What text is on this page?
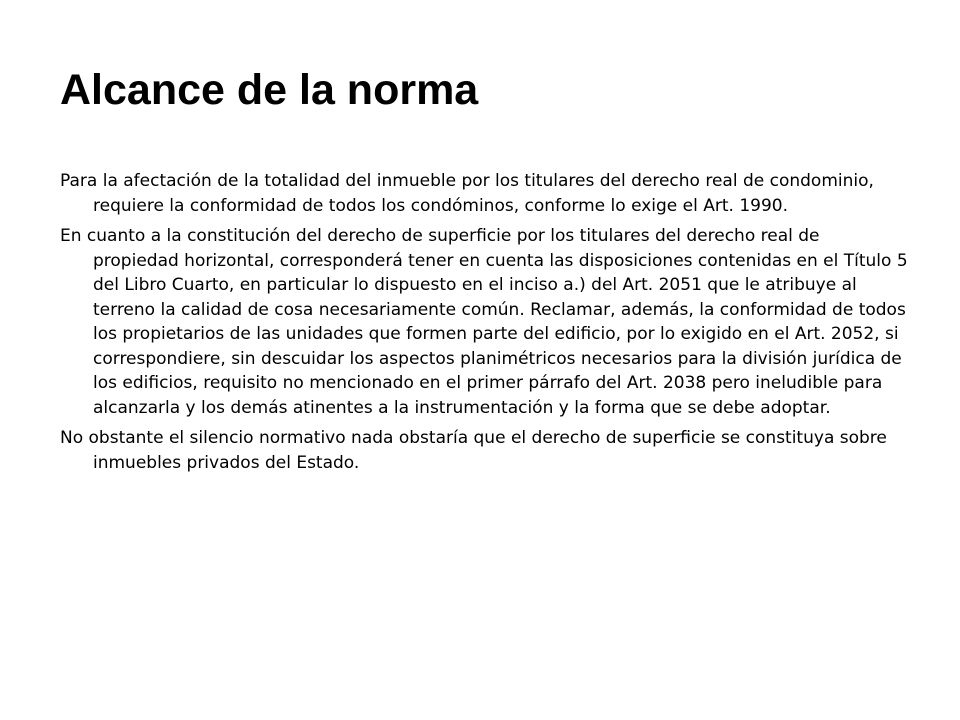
Alcance de la norma

Para la afectación de la totalidad del inmueble por los titulares del derecho real de condominio, requiere la conformidad de todos los condóminos, conforme lo exige el Art. 1990.

En cuanto a la constitución del derecho de superficie por los titulares del derecho real de propiedad horizontal, corresponderá tener en cuenta las disposiciones contenidas en el Título 5 del Libro Cuarto, en particular lo dispuesto en el inciso a.) del Art. 2051 que le atribuye al terreno la calidad de cosa necesariamente común. Reclamar, además, la conformidad de todos los propietarios de las unidades que formen parte del edificio, por lo exigido en el Art. 2052, si correspondiere, sin descuidar los aspectos planimétricos necesarios para la división jurídica de los edificios, requisito no mencionado en el primer párrafo del Art. 2038 pero ineludible para alcanzarla y los demás atinentes a la instrumentación y la forma que se debe adoptar.

No obstante el silencio normativo nada obstaría que el derecho de superficie se constituya sobre inmuebles privados del Estado.
